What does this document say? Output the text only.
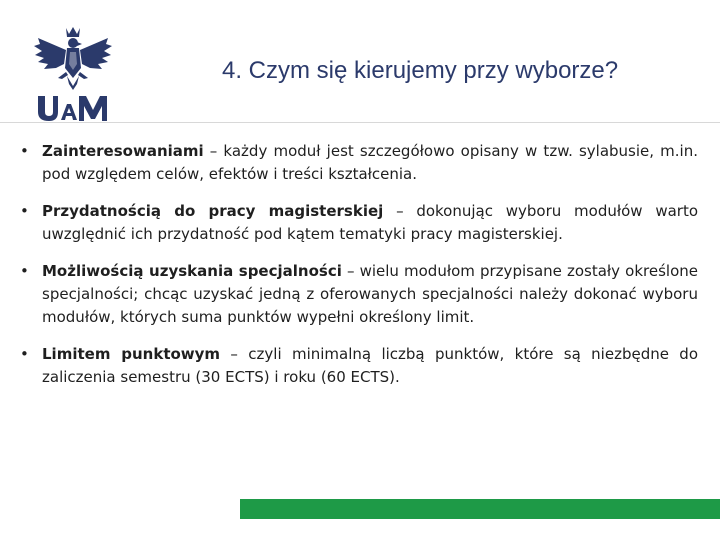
4. Czym się kierujemy przy wyborze?
• Zainteresowaniami – każdy moduł jest szczegółowo opisany w tzw. sylabusie, m.in. pod względem celów, efektów i treści kształcenia.
• Przydatnością do pracy magisterskiej – dokonując wyboru modułów warto uwzględnić ich przydatność pod kątem tematyki pracy magisterskiej.
• Możliwością uzyskania specjalności – wielu modułom przypisane zostały określone specjalności; chcąc uzyskać jedną z oferowanych specjalności należy dokonać wyboru modułów, których suma punktów wypełni określony limit.
• Limitem punktowym – czyli minimalną liczbą punktów, które są niezbędne do zaliczenia semestru (30 ECTS) i roku (60 ECTS).
